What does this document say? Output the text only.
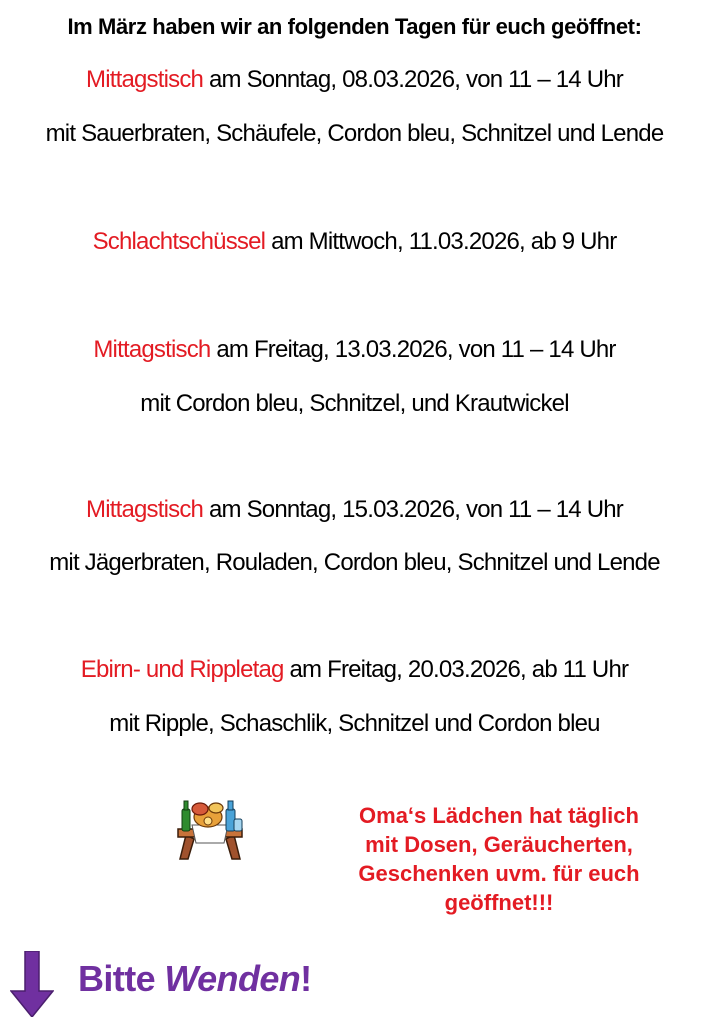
Im März haben wir an folgenden Tagen für euch geöffnet:
Mittagstisch am Sonntag, 08.03.2026, von 11 – 14 Uhr
mit Sauerbraten, Schäufele, Cordon bleu, Schnitzel und Lende
Schlachtschüssel am Mittwoch, 11.03.2026, ab 9 Uhr
Mittagstisch am Freitag, 13.03.2026, von 11 – 14 Uhr
mit Cordon bleu, Schnitzel, und Krautwickel
Mittagstisch am Sonntag, 15.03.2026, von 11 – 14 Uhr
mit Jägerbraten, Rouladen, Cordon bleu, Schnitzel und Lende
Ebirn- und Rippletag am Freitag, 20.03.2026, ab 11 Uhr
mit Ripple, Schaschlik, Schnitzel und Cordon bleu
Oma‘s Lädchen hat täglich
mit Dosen, Geräucherten,
Geschenken uvm. für euch
geöffnet!!!
Bitte Wenden!
